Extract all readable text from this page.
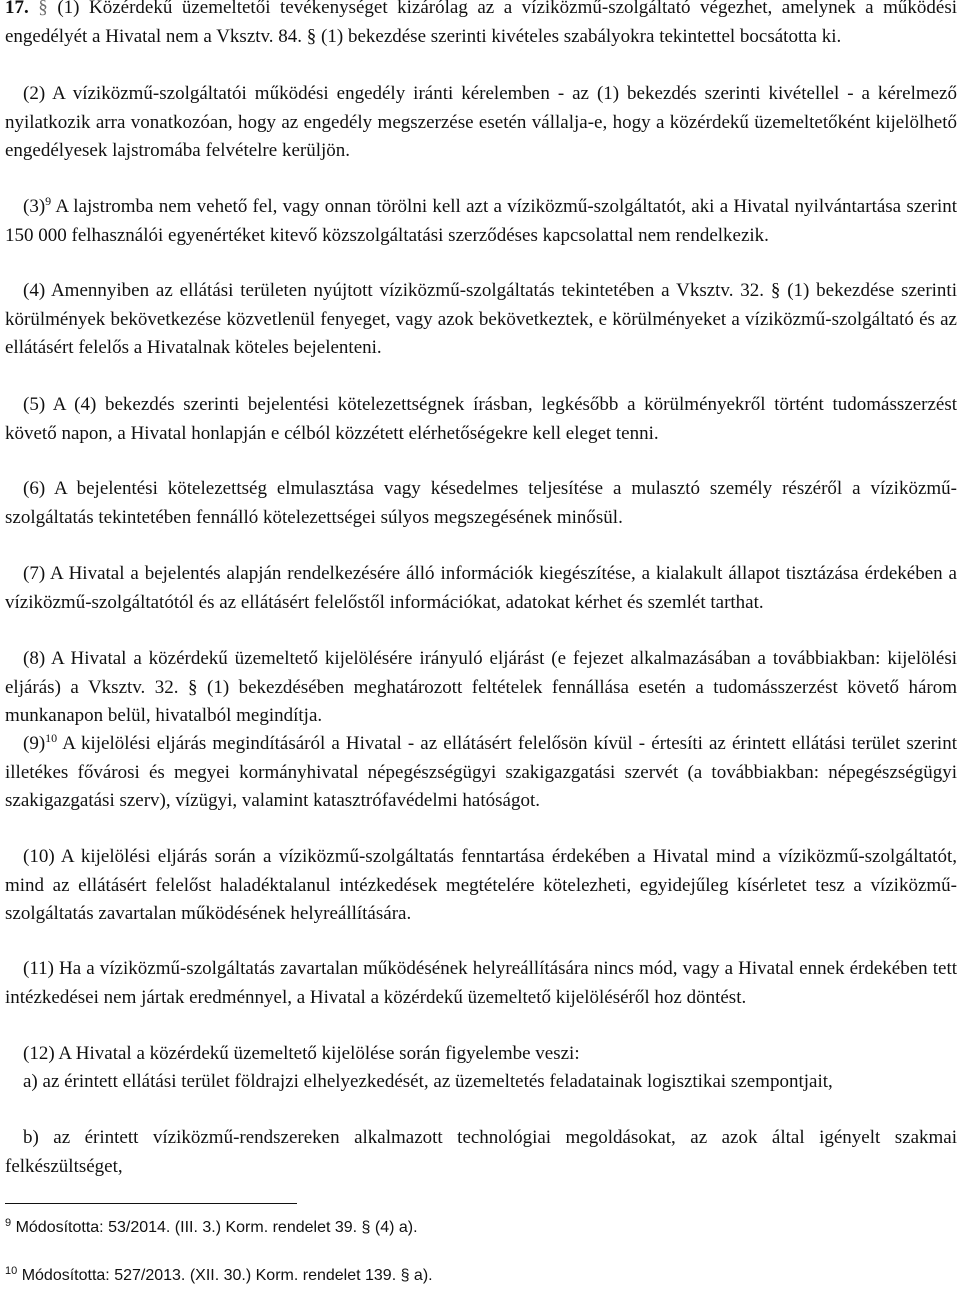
17. § (1) Közérdekű üzemeltetői tevékenységet kizárólag az a víziközmű-szolgáltató végezhet, amelynek a működési engedélyét a Hivatal nem a Vksztv. 84. § (1) bekezdése szerinti kivételes szabályokra tekintettel bocsátotta ki.

(2) A víziközmű-szolgáltatói működési engedély iránti kérelemben - az (1) bekezdés szerinti kivétellel - a kérelmező nyilatkozik arra vonatkozóan, hogy az engedély megszerzése esetén vállalja-e, hogy a közérdekű üzemeltetőként kijelölhető engedélyesek lajstromába felvételre kerüljön.

$(3)^9$ A lajstromba nem vehető fel, vagy onnan törölni kell azt a víziközmű-szolgáltatót, aki a Hivatal nyilvántartása szerint 150 000 felhasználói egyenértéket kitevő közszolgáltatási szerződéses kapcsolattal nem rendelkezik.

(4) Amennyiben az ellátási területen nyújtott víziközmű-szolgáltatás tekintetében a Vksztv. 32. § (1) bekezdése szerinti körülmények bekövetkezése közvetlenül fenyeget, vagy azok bekövetkeztek, e körülményeket a víziközmű-szolgáltató és az ellátásért felelős a Hivatalnak köteles bejelenteni.

(5) A (4) bekezdés szerinti bejelentési kötelezettségnek írásban, legkésőbb a körülményekről történt tudomásszerzést követő napon, a Hivatal honlapján e célból közzétett elérhetőségekre kell eleget tenni.

(6) A bejelentési kötelezettség elmulasztása vagy késedelmes teljesítése a mulasztó személy részéről a víziközmű-szolgáltatás tekintetében fennálló kötelezettségei súlyos megszegésének minősül.

(7) A Hivatal a bejelentés alapján rendelkezésére álló információk kiegészítése, a kialakult állapot tisztázása érdekében a víziközmű-szolgáltatótól és az ellátásért felelőstől információkat, adatokat kérhet és szemlét tarthat.

(8) A Hivatal a közérdekű üzemeltető kijelölésére irányuló eljárást (e fejezet alkalmazásában a továbbiakban: kijelölési eljárás) a Vksztv. 32. § (1) bekezdésében meghatározott feltételek fennállása esetén a tudomásszerzést követő három munkanapon belül, hivatalból megindítja.

$(9)^{10}$ A kijelölési eljárás megindításáról a Hivatal - az ellátásért felelősön kívül - értesíti az érintett ellátási terület szerint illetékes fővárosi és megyei kormányhivatal népegészségügyi szakigazgatási szervét (a továbbiakban: népegészségügyi szakigazgatási szerv), vízügyi, valamint katasztrófavédelmi hatóságot.

(10) A kijelölési eljárás során a víziközmű-szolgáltatás fenntartása érdekében a Hivatal mind a víziközmű-szolgáltatót, mind az ellátásért felelőst haladéktalanul intézkedések megtételére kötelezheti, egyidejűleg kísérletet tesz a víziközmű-szolgáltatás zavartalan működésének helyreállítására.

(11) Ha a víziközmű-szolgáltatás zavartalan működésének helyreállítására nincs mód, vagy a Hivatal ennek érdekében tett intézkedései nem jártak eredménnyel, a Hivatal a közérdekű üzemeltető kijelöléséről hoz döntést.

(12) A Hivatal a közérdekű üzemeltető kijelölése során figyelembe veszi:

a) az érintett ellátási terület földrajzi elhelyezkedését, az üzemeltetés feladatainak logisztikai szempontjait,

b) az érintett víziközmű-rendszereken alkalmazott technológiai megoldásokat, az azok által igényelt szakmai felkészültséget,

$^9$ Módosította: 53/2014. (III. 3.) Korm. rendelet 39. § (4) a).
$^{10}$ Módosította: 527/2013. (XII. 30.) Korm. rendelet 139. § a).
